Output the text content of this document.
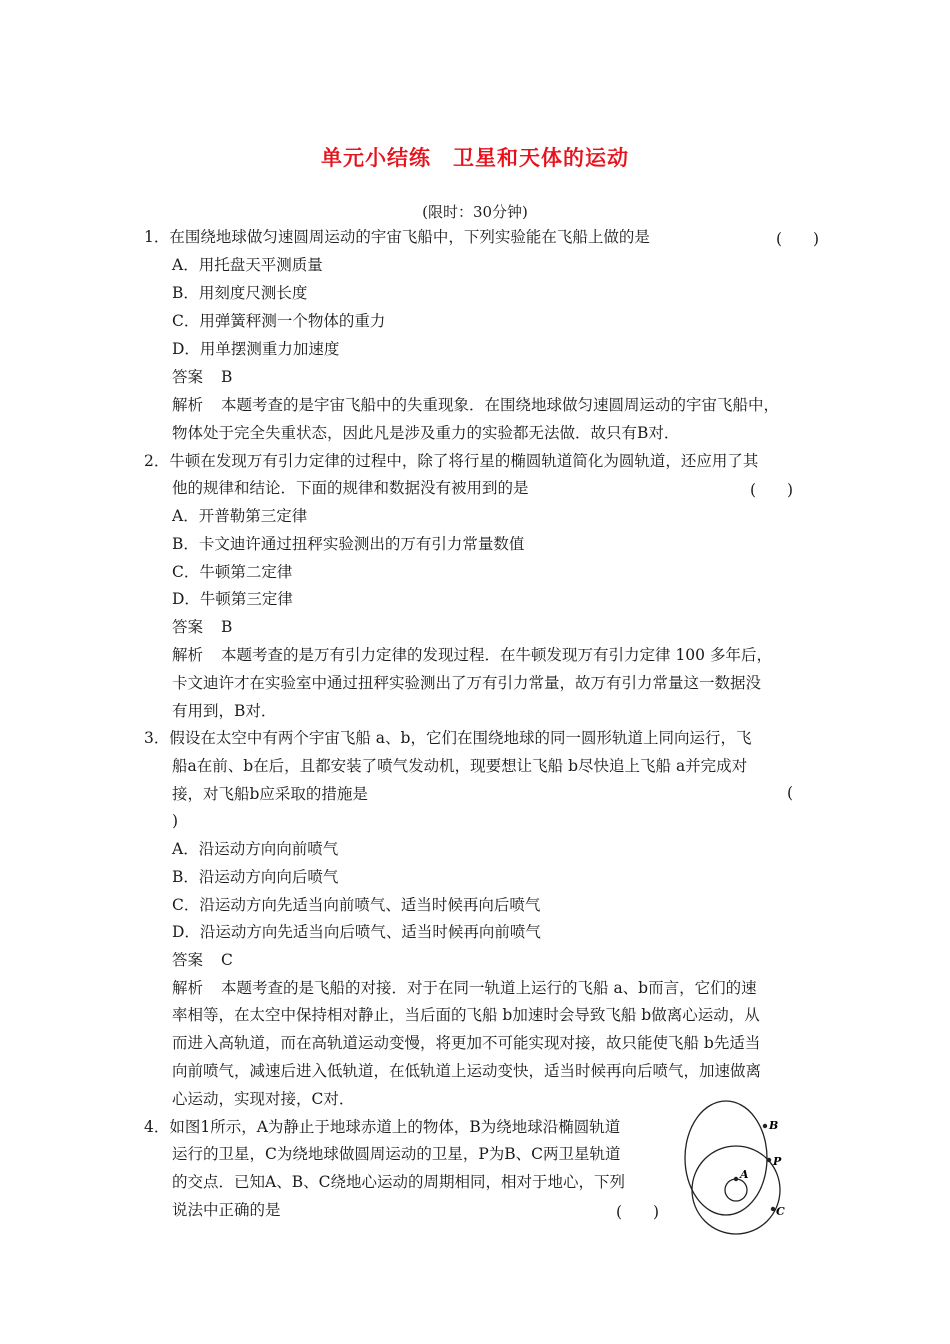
单元小结练　卫星和天体的运动
(限时：30分钟)
1．在围绕地球做匀速圆周运动的宇宙飞船中，下列实验能在飞船上做的是	(　　)
A．用托盘天平测质量
B．用刻度尺测长度
C．用弹簧秤测一个物体的重力
D．用单摆测重力加速度
答案 B
解析 本题考查的是宇宙飞船中的失重现象．在围绕地球做匀速圆周运动的宇宙飞船中，
物体处于完全失重状态，因此凡是涉及重力的实验都无法做．故只有B对．
2．牛顿在发现万有引力定律的过程中，除了将行星的椭圆轨道简化为圆轨道，还应用了其
他的规律和结论．下面的规律和数据没有被用到的是	(　　)
A．开普勒第三定律
B．卡文迪许通过扭秤实验测出的万有引力常量数值
C．牛顿第二定律
D．牛顿第三定律
答案 B
解析 本题考查的是万有引力定律的发现过程．在牛顿发现万有引力定律 100 多年后，
卡文迪许才在实验室中通过扭秤实验测出了万有引力常量，故万有引力常量这一数据没
有用到，B对．
3．假设在太空中有两个宇宙飞船 a、b，它们在围绕地球的同一圆形轨道上同向运行，飞
船a在前、b在后，且都安装了喷气发动机，现要想让飞船 b尽快追上飞船 a并完成对
接，对飞船b应采取的措施是	(
)
A．沿运动方向向前喷气
B．沿运动方向向后喷气
C．沿运动方向先适当向前喷气、适当时候再向后喷气
D．沿运动方向先适当向后喷气、适当时候再向前喷气
答案 C
解析 本题考查的是飞船的对接．对于在同一轨道上运行的飞船 a、b而言，它们的速
率相等，在太空中保持相对静止，当后面的飞船 b加速时会导致飞船 b做离心运动，从
而进入高轨道，而在高轨道运动变慢，将更加不可能实现对接，故只能使飞船 b先适当
向前喷气，减速后进入低轨道，在低轨道上运动变快，适当时候再向后喷气，加速做离
心运动，实现对接，C对．
4．如图1所示，A为静止于地球赤道上的物体，B为绕地球沿椭圆轨道
运行的卫星，C为绕地球做圆周运动的卫星，P为B、C两卫星轨道
的交点．已知A、B、C绕地心运动的周期相同，相对于地心，下列
说法中正确的是	(　　)
B
P
A
C
